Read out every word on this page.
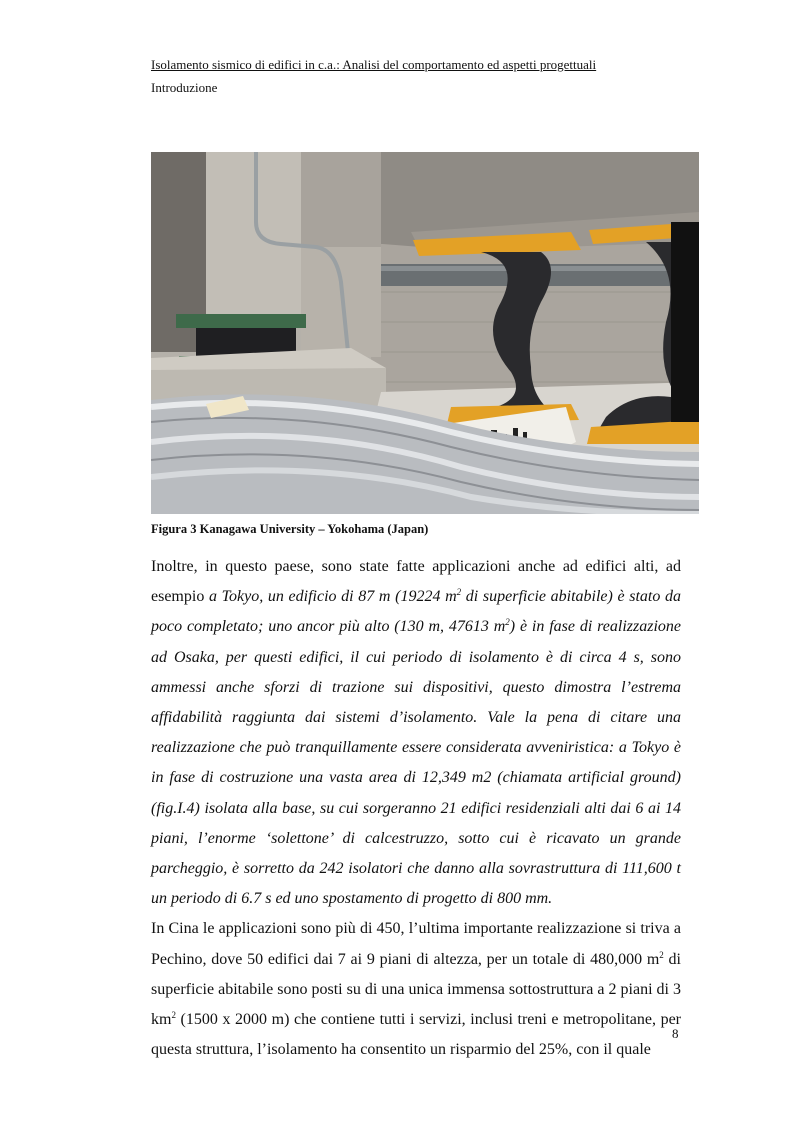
Isolamento sismico di edifici in c.a.: Analisi del comportamento ed aspetti progettuali
Introduzione
Figura 3 Kanagawa University – Yokohama (Japan)

Inoltre, in questo paese, sono state fatte applicazioni anche ad edifici alti, ad esempio a Tokyo, un edificio di 87 m (19224 $m^2$ di superficie abitabile) è stato da poco completato; uno ancor più alto (130 m, 47613 $m^2$) è in fase di realizzazione ad Osaka, per questi edifici, il cui periodo di isolamento è di circa 4 s, sono ammessi anche sforzi di trazione sui dispositivi, questo dimostra l’estrema affidabilità raggiunta dai sistemi d’isolamento. Vale la pena di citare una realizzazione che può tranquillamente essere considerata avveniristica: a Tokyo è in fase di costruzione una vasta area di 12,349 m2 (chiamata artificial ground) (fig.I.4) isolata alla base, su cui sorgeranno 21 edifici residenziali alti dai 6 ai 14 piani, l’enorme ‘solettone’ di calcestruzzo, sotto cui è ricavato un grande parcheggio, è sorretto da 242 isolatori che danno alla sovrastruttura di 111,600 t un periodo di 6.7 s ed uno spostamento di progetto di 800 mm.

In Cina le applicazioni sono più di 450, l’ultima importante realizzazione si triva a Pechino, dove 50 edifici dai 7 ai 9 piani di altezza, per un totale di 480,000 $m^2$ di superficie abitabile sono posti su di una unica immensa sottostruttura a 2 piani di 3 $km^2$ (1500 x 2000 m) che contiene tutti i servizi, inclusi treni e metropolitane, per questa struttura, l’isolamento ha consentito un risparmio del 25%, con il quale

8
